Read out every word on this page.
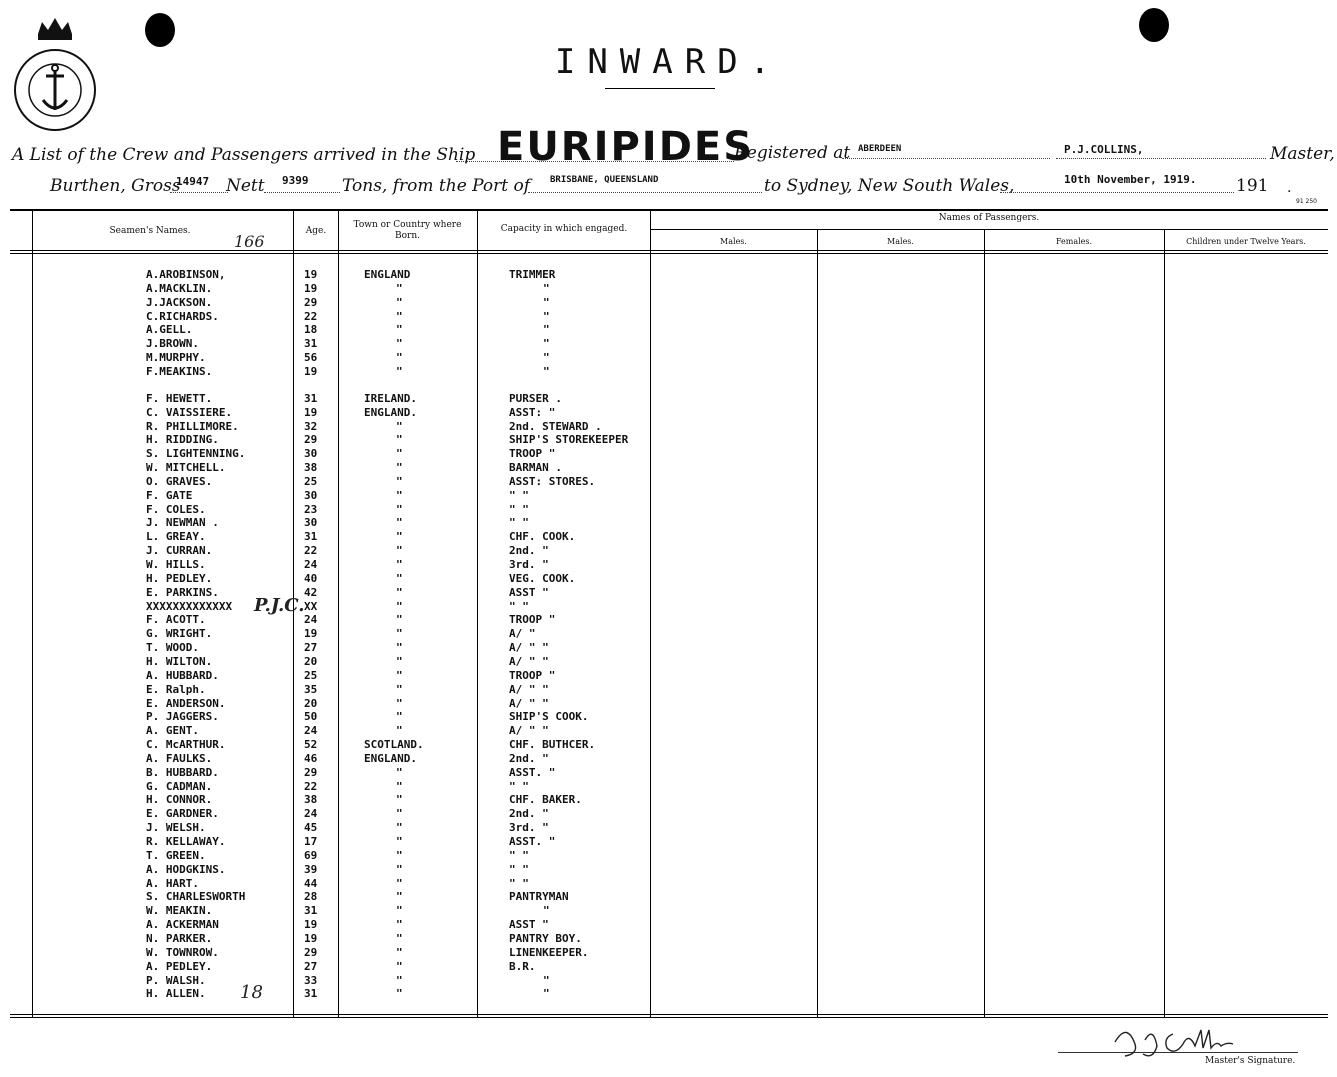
INWARD.
A List of the Crew and Passengers arrived in the Ship EURIPIDES
Registered at ABERDEEN	P.J.COLLINS,	Master,
Burthen, Gross
14947 Nett 9399 Tons, from the Port of BRISBANE, QUEENSLAND	to Sydney, New South Wales,	10th November, 1919. 191 .
91 250
Seamen's Names.	Age.
Town or Country where Born.
Capacity in which engaged.
Names of Passengers.
Males.	Males.	Females.	Children under Twelve Years.
166
P.J.C.
18
A.AROBINSON,	19	ENGLAND	TRIMMER
A.MACKLIN.	19	"	"
J.JACKSON.	29	"	"
C.RICHARDS.	22	"	"
A.GELL.	18	"	"
J.BROWN.	31	"	"
M.MURPHY.	56	"	"
F.MEAKINS.	19	"	"
F. HEWETT.	31	IRELAND.	PURSER .
C. VAISSIERE.	19	ENGLAND.	ASST: "
R. PHILLIMORE.	32	"	2nd. STEWARD .
H. RIDDING.	29	"	SHIP'S STOREKEEPER
S. LIGHTENNING.	30	"	TROOP "
W. MITCHELL.	38	"	BARMAN .
O. GRAVES.	25	"	ASST: STORES.
F. GATE	30	"	" "
F. COLES.	23	"	" "
J. NEWMAN .	30	"	" "
L. GREAY.	31	"	CHF. COOK.
J. CURRAN.	22	"	2nd. "
W. HILLS.	24	"	3rd. "
H. PEDLEY.	40	"	VEG. COOK.
E. PARKINS.	42	"	ASST "
XXXXXXXXXXXXX	XX	"	" "
F. ACOTT.	24	"	TROOP "
G. WRIGHT.	19	"	A/ "
T. WOOD.	27	"	A/ " "
H. WILTON.	20	"	A/ " "
A. HUBBARD.	25	"	TROOP "
E. Ralph.	35	"	A/ " "
E. ANDERSON.	20	"	A/ " "
P. JAGGERS.	50	"	SHIP'S COOK.
A. GENT.	24	"	A/ " "
C. McARTHUR.	52	SCOTLAND.	CHF. BUTHCER.
A. FAULKS.	46	ENGLAND.	2nd. "
B. HUBBARD.	29	"	ASST. "
G. CADMAN.	22	"	" "
H. CONNOR.	38	"	CHF. BAKER.
E. GARDNER.	24	"	2nd. "
J. WELSH.	45	"	3rd. "
R. KELLAWAY.	17	"	ASST. "
T. GREEN.	69	"	" "
A. HODGKINS.	39	"	" "
A. HART.	44	"	" "
S. CHARLESWORTH	28	"	PANTRYMAN
W. MEAKIN.	31	"	"
A. ACKERMAN	19	"	ASST "
N. PARKER.	19	"	PANTRY BOY.
W. TOWNROW.	29	"	LINENKEEPER.
A. PEDLEY.	27	"	B.R.
P. WALSH.	33	"	"
H. ALLEN.	31	"	"
Master's Signature.
